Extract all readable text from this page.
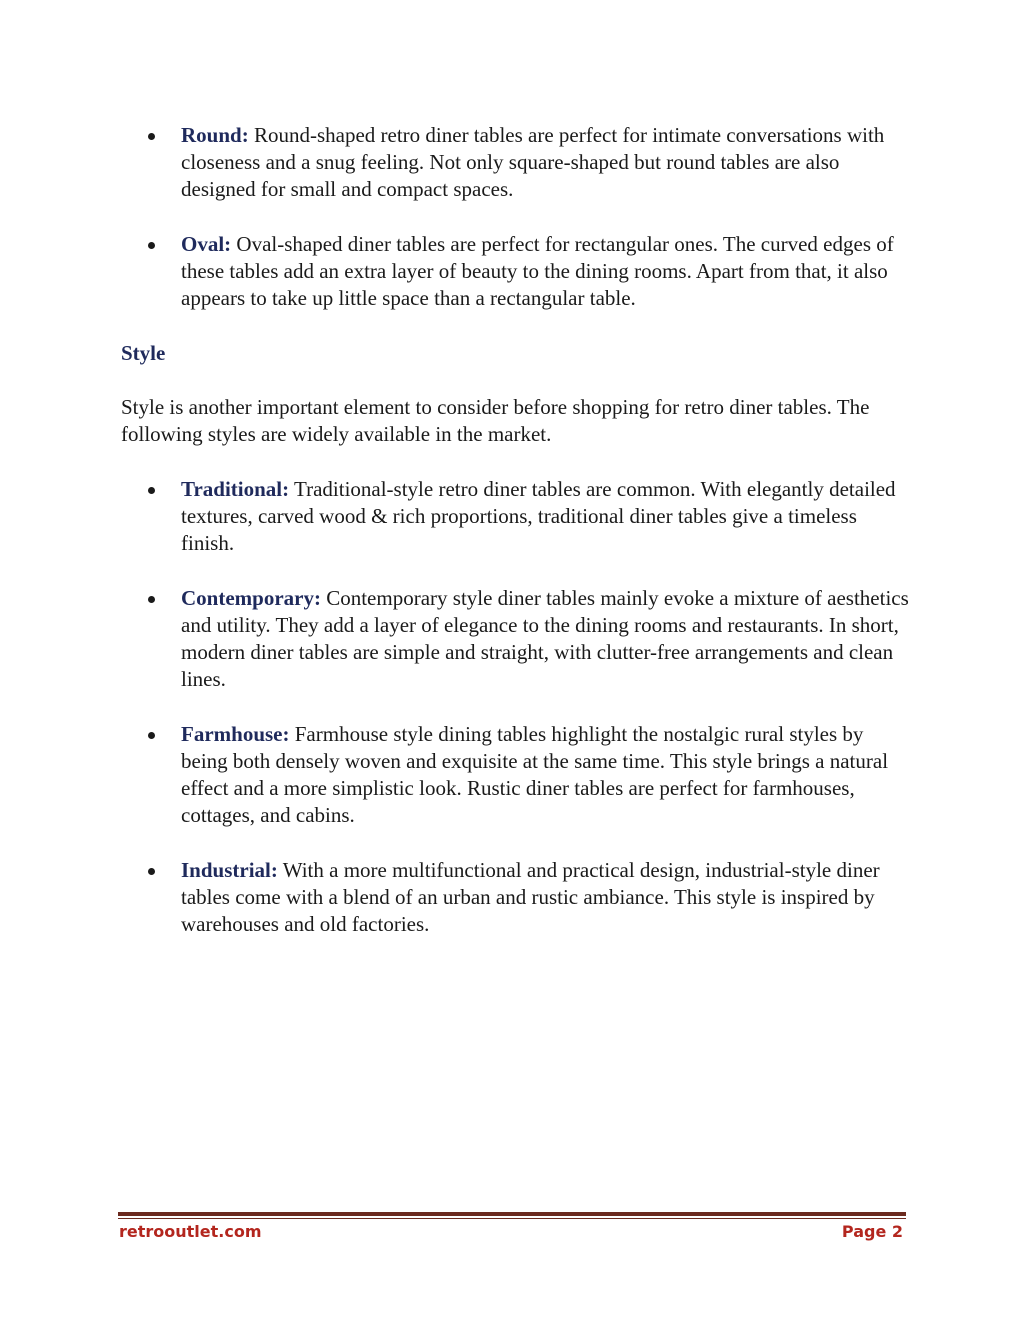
Round: Round-shaped retro diner tables are perfect for intimate conversations with closeness and a snug feeling. Not only square-shaped but round tables are also designed for small and compact spaces.
Oval: Oval-shaped diner tables are perfect for rectangular ones. The curved edges of these tables add an extra layer of beauty to the dining rooms. Apart from that, it also appears to take up little space than a rectangular table.
Style

Style is another important element to consider before shopping for retro diner tables. The following styles are widely available in the market.

Traditional: Traditional-style retro diner tables are common. With elegantly detailed textures, carved wood & rich proportions, traditional diner tables give a timeless finish.
Contemporary: Contemporary style diner tables mainly evoke a mixture of aesthetics and utility. They add a layer of elegance to the dining rooms and restaurants. In short, modern diner tables are simple and straight, with clutter-free arrangements and clean lines.
Farmhouse: Farmhouse style dining tables highlight the nostalgic rural styles by being both densely woven and exquisite at the same time. This style brings a natural effect and a more simplistic look. Rustic diner tables are perfect for farmhouses, cottages, and cabins.
Industrial: With a more multifunctional and practical design, industrial-style diner tables come with a blend of an urban and rustic ambiance. This style is inspired by warehouses and old factories.
retrooutlet.com	Page 2
